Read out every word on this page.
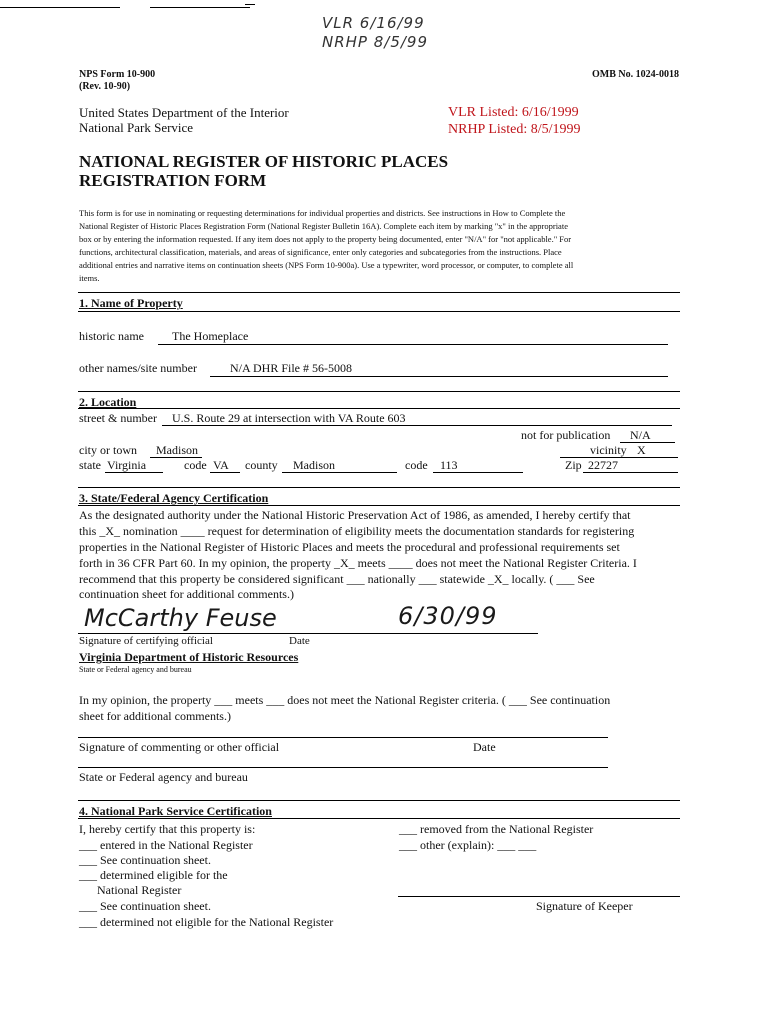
VLR 6/16/99
NRHP 8/5/99
NPS Form 10-900
(Rev. 10-90)
OMB No. 1024-0018
United States Department of the Interior
National Park Service
VLR Listed: 6/16/1999
NRHP Listed: 8/5/1999
NATIONAL REGISTER OF HISTORIC PLACES
REGISTRATION FORM
This form is for use in nominating or requesting determinations for individual properties and districts. See instructions in How to Complete the
National Register of Historic Places Registration Form (National Register Bulletin 16A). Complete each item by marking "x" in the appropriate
box or by entering the information requested. If any item does not apply to the property being documented, enter "N/A" for "not applicable." For
functions, architectural classification, materials, and areas of significance, enter only categories and subcategories from the instructions. Place
additional entries and narrative items on continuation sheets (NPS Form 10-900a). Use a typewriter, word processor, or computer, to complete all
items.
1. Name of Property
historic name The Homeplace
other names/site number	N/A DHR File # 56-5008
2. Location
street & number U.S. Route 29 at intersection with VA Route 603
not for publication N/A
city or town Madison	vicinity X
state Virginia	code VA county Madison	code 113	Zip 22727
3. State/Federal Agency Certification
As the designated authority under the National Historic Preservation Act of 1986, as amended, I hereby certify that
this _X_ nomination ____ request for determination of eligibility meets the documentation standards for registering
properties in the National Register of Historic Places and meets the procedural and professional requirements set
forth in 36 CFR Part 60. In my opinion, the property _X_ meets ____ does not meet the National Register Criteria. I
recommend that this property be considered significant ___ nationally ___ statewide _X_ locally. ( ___ See
continuation sheet for additional comments.)
McCarthy Feuse	6/30/99
Signature of certifying official	Date
Virginia Department of Historic Resources
State or Federal agency and bureau
In my opinion, the property ___ meets ___ does not meet the National Register criteria. ( ___ See continuation
sheet for additional comments.)
Signature of commenting or other official	Date
State or Federal agency and bureau
4. National Park Service Certification
I, hereby certify that this property is:
___ entered in the National Register
___ See continuation sheet.
___ determined eligible for the
National Register
___ See continuation sheet.
___ determined not eligible for the National Register
___ removed from the National Register
___ other (explain): ___ ___
Signature of Keeper
